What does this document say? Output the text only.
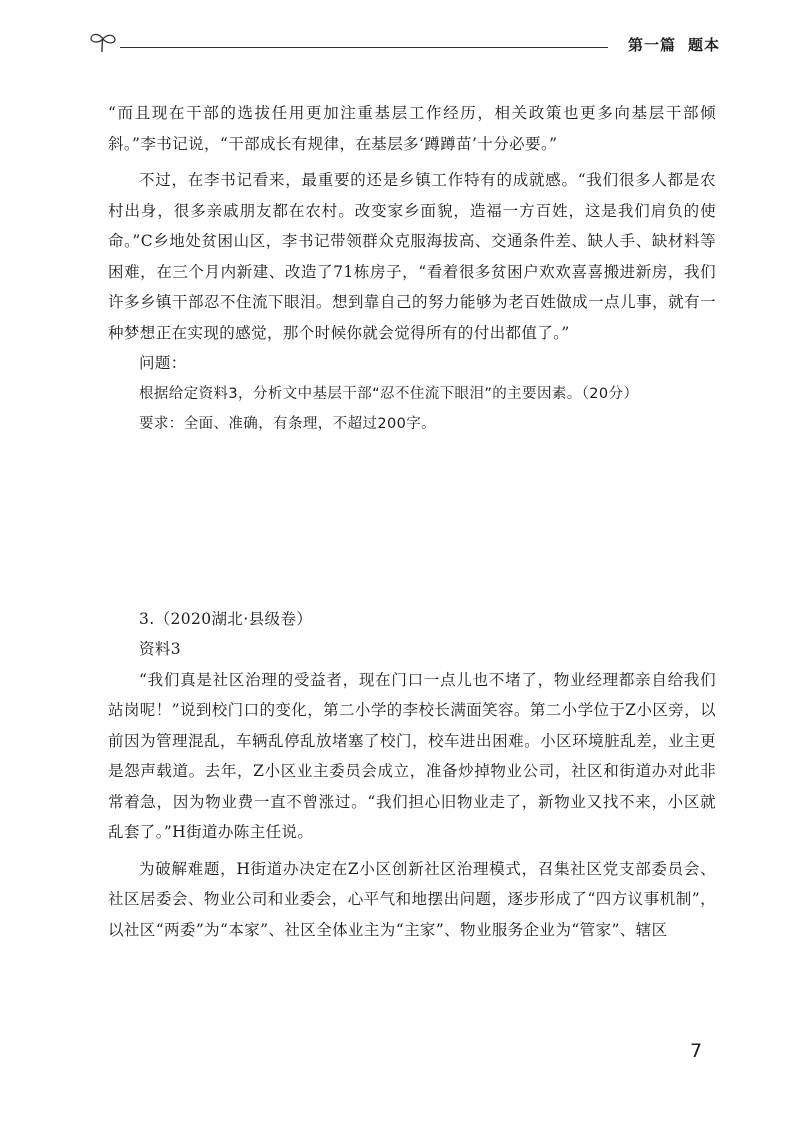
第一篇 题本

“而且现在干部的选拔任用更加注重基层工作经历，相关政策也更多向基层干部倾斜。”李书记说，“干部成长有规律，在基层多‘蹲蹲苗’十分必要。”

不过，在李书记看来，最重要的还是乡镇工作特有的成就感。“我们很多人都是农村出身，很多亲戚朋友都在农村。改变家乡面貌，造福一方百姓，这是我们肩负的使命。”C乡地处贫困山区，李书记带领群众克服海拔高、交通条件差、缺人手、缺材料等困难，在三个月内新建、改造了71栋房子，“看着很多贫困户欢欢喜喜搬进新房，我们许多乡镇干部忍不住流下眼泪。想到靠自己的努力能够为老百姓做成一点儿事，就有一种梦想正在实现的感觉，那个时候你就会觉得所有的付出都值了。”

问题：

根据给定资料3，分析文中基层干部“忍不住流下眼泪”的主要因素。（20分）

要求：全面、准确，有条理，不超过200字。

3.（2020湖北·县级卷）

资料3

“我们真是社区治理的受益者，现在门口一点儿也不堵了，物业经理都亲自给我们站岗呢！”说到校门口的变化，第二小学的李校长满面笑容。第二小学位于Z小区旁，以前因为管理混乱，车辆乱停乱放堵塞了校门，校车进出困难。小区环境脏乱差，业主更是怨声载道。去年，Z小区业主委员会成立，准备炒掉物业公司，社区和街道办对此非常着急，因为物业费一直不曾涨过。“我们担心旧物业走了，新物业又找不来，小区就乱套了。”H街道办陈主任说。

为破解难题，H街道办决定在Z小区创新社区治理模式，召集社区党支部委员会、社区居委会、物业公司和业委会，心平气和地摆出问题，逐步形成了“四方议事机制”，以社区“两委”为“本家”、社区全体业主为“主家”、物业服务企业为“管家”、辖区

7
